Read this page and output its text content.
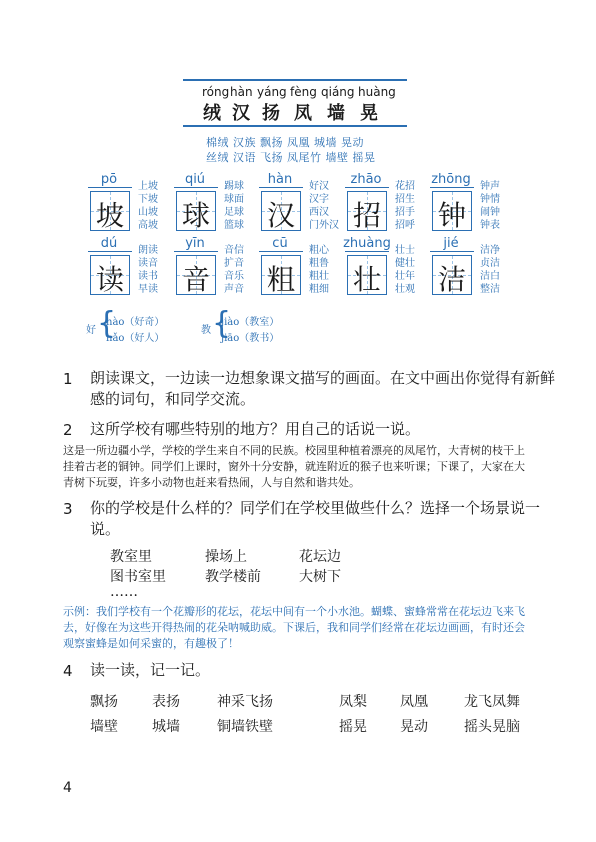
róng hàn yáng fèng qiáng huàng
绒 汉 扬 凤 墙 晃
棉绒 汉族 飘扬 凤凰 城墙 晃动
丝绒 汉语 飞扬 凤尾竹 墙壁 摇晃
pō
坡
上坡
下坡
山坡
高坡
qiú
球
踢球
球面
足球
篮球
hàn
汉
好汉
汉字
西汉
门外汉
zhāo
招
花招
招生
招手
招呼
zhōng
钟
钟声
钟情
闹钟
钟表
dú
读
朗读
读音
读书
早读
yīn
音
音信
扩音
音乐
声音
cū
粗
粗心
粗鲁
粗壮
粗细
zhuàng
壮
壮士
健壮
壮年
壮观
jié
洁
洁净
贞洁
洁白
整洁
好 {
hào（好奇）
hǎo（好人）
教 {
jiào（教室）
jiāo（教书）
1 朗读课文，一边读一边想象课文描写的画面。在文中画出你觉得有新鲜感的词句，和同学交流。
2 这所学校有哪些特别的地方？用自己的话说一说。
这是一所边疆小学，学校的学生来自不同的民族。校园里种植着漂亮的凤尾竹，大青树的枝干上挂着古老的铜钟。同学们上课时，窗外十分安静，就连附近的猴子也来听课；下课了，大家在大青树下玩耍，许多小动物也赶来看热闹，人与自然和谐共处。
3 你的学校是什么样的？同学们在学校里做些什么？选择一个场景说一说。
教室里	操场上	花坛边
图书室里	教学楼前	大树下
……
示例：我们学校有一个花瓣形的花坛，花坛中间有一个小水池。蝴蝶、蜜蜂常常在花坛边飞来飞去，好像在为这些开得热闹的花朵呐喊助威。下课后，我和同学们经常在花坛边画画，有时还会观察蜜蜂是如何采蜜的，有趣极了！
4 读一读，记一记。
飘扬 表扬	神采飞扬	凤梨 凤凰	龙飞凤舞
墙壁 城墙	铜墙铁壁	摇晃 晃动	摇头晃脑
4
